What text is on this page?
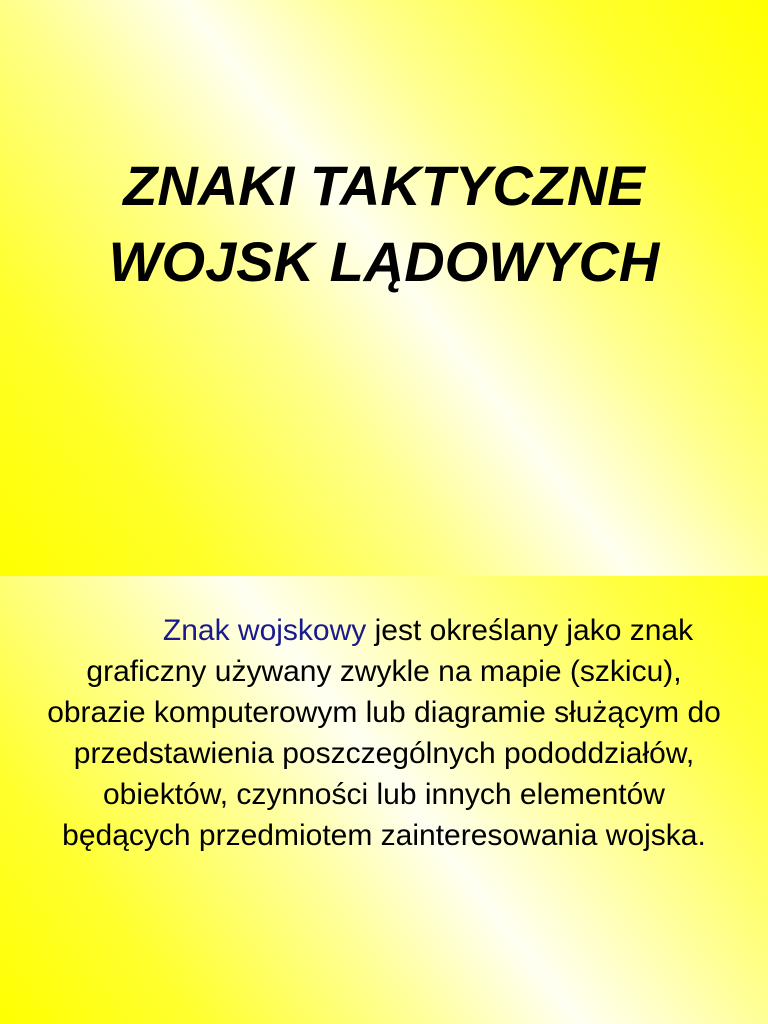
ZNAKI TAKTYCZNE
WOJSK LĄDOWYCH

Znak wojskowy jest określany jako znak graficzny używany zwykle na mapie (szkicu), obrazie komputerowym lub diagramie służącym do przedstawienia poszczególnych pododdziałów, obiektów, czynności lub innych elementów będących przedmiotem zainteresowania wojska.
